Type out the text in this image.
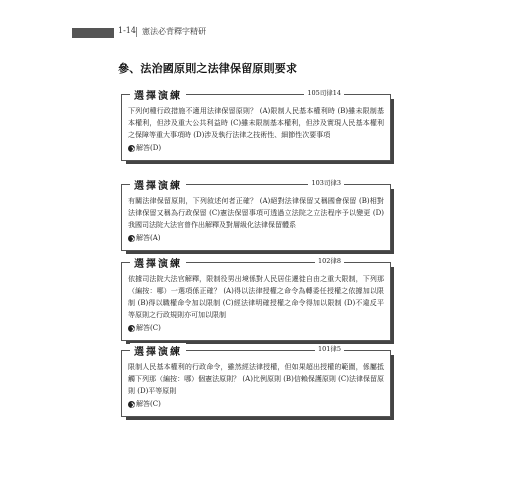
1-14 憲法必背釋字精研
參、法治國原則之法律保留原則要求
選擇演練	105司律14
下列何種行政措施不適用法律保留原則？ (A)限制人民基本權利時 (B)雖未限制基本權利，但涉及重大公共利益時 (C)雖未限制基本權利，但涉及實現人民基本權利之保障等重大事項時 (D)涉及執行法律之技術性、細節性次要事項
解答(D)
選擇演練	103司律3
有關法律保留原則，下列敘述何者正確？ (A)絕對法律保留又稱國會保留 (B)相對法律保留又稱為行政保留 (C)憲法保留事項可透過立法院之立法程序予以變更 (D)我國司法院大法官曾作出解釋及對層級化法律保留體系
解答(A)
選擇演練	102律8
依據司法院大法官解釋，限制役男出境係對人民居住遷徙自由之重大限制，下列那（編按：哪）一選項係正確？ (A)得以法律授權之命令為轉委任授權之依據加以限制 (B)得以職權命令加以限制 (C)經法律明確授權之命令得加以限制 (D)不違反平等原則之行政規則亦可加以限制
解答(C)
選擇演練	101律5
限制人民基本權利的行政命令，雖然經法律授權，但如果超出授權的範圍，係屬抵觸下列那（編按：哪）個憲法原則？ (A)比例原則 (B)信賴保護原則 (C)法律保留原則 (D)平等原則
解答(C)
